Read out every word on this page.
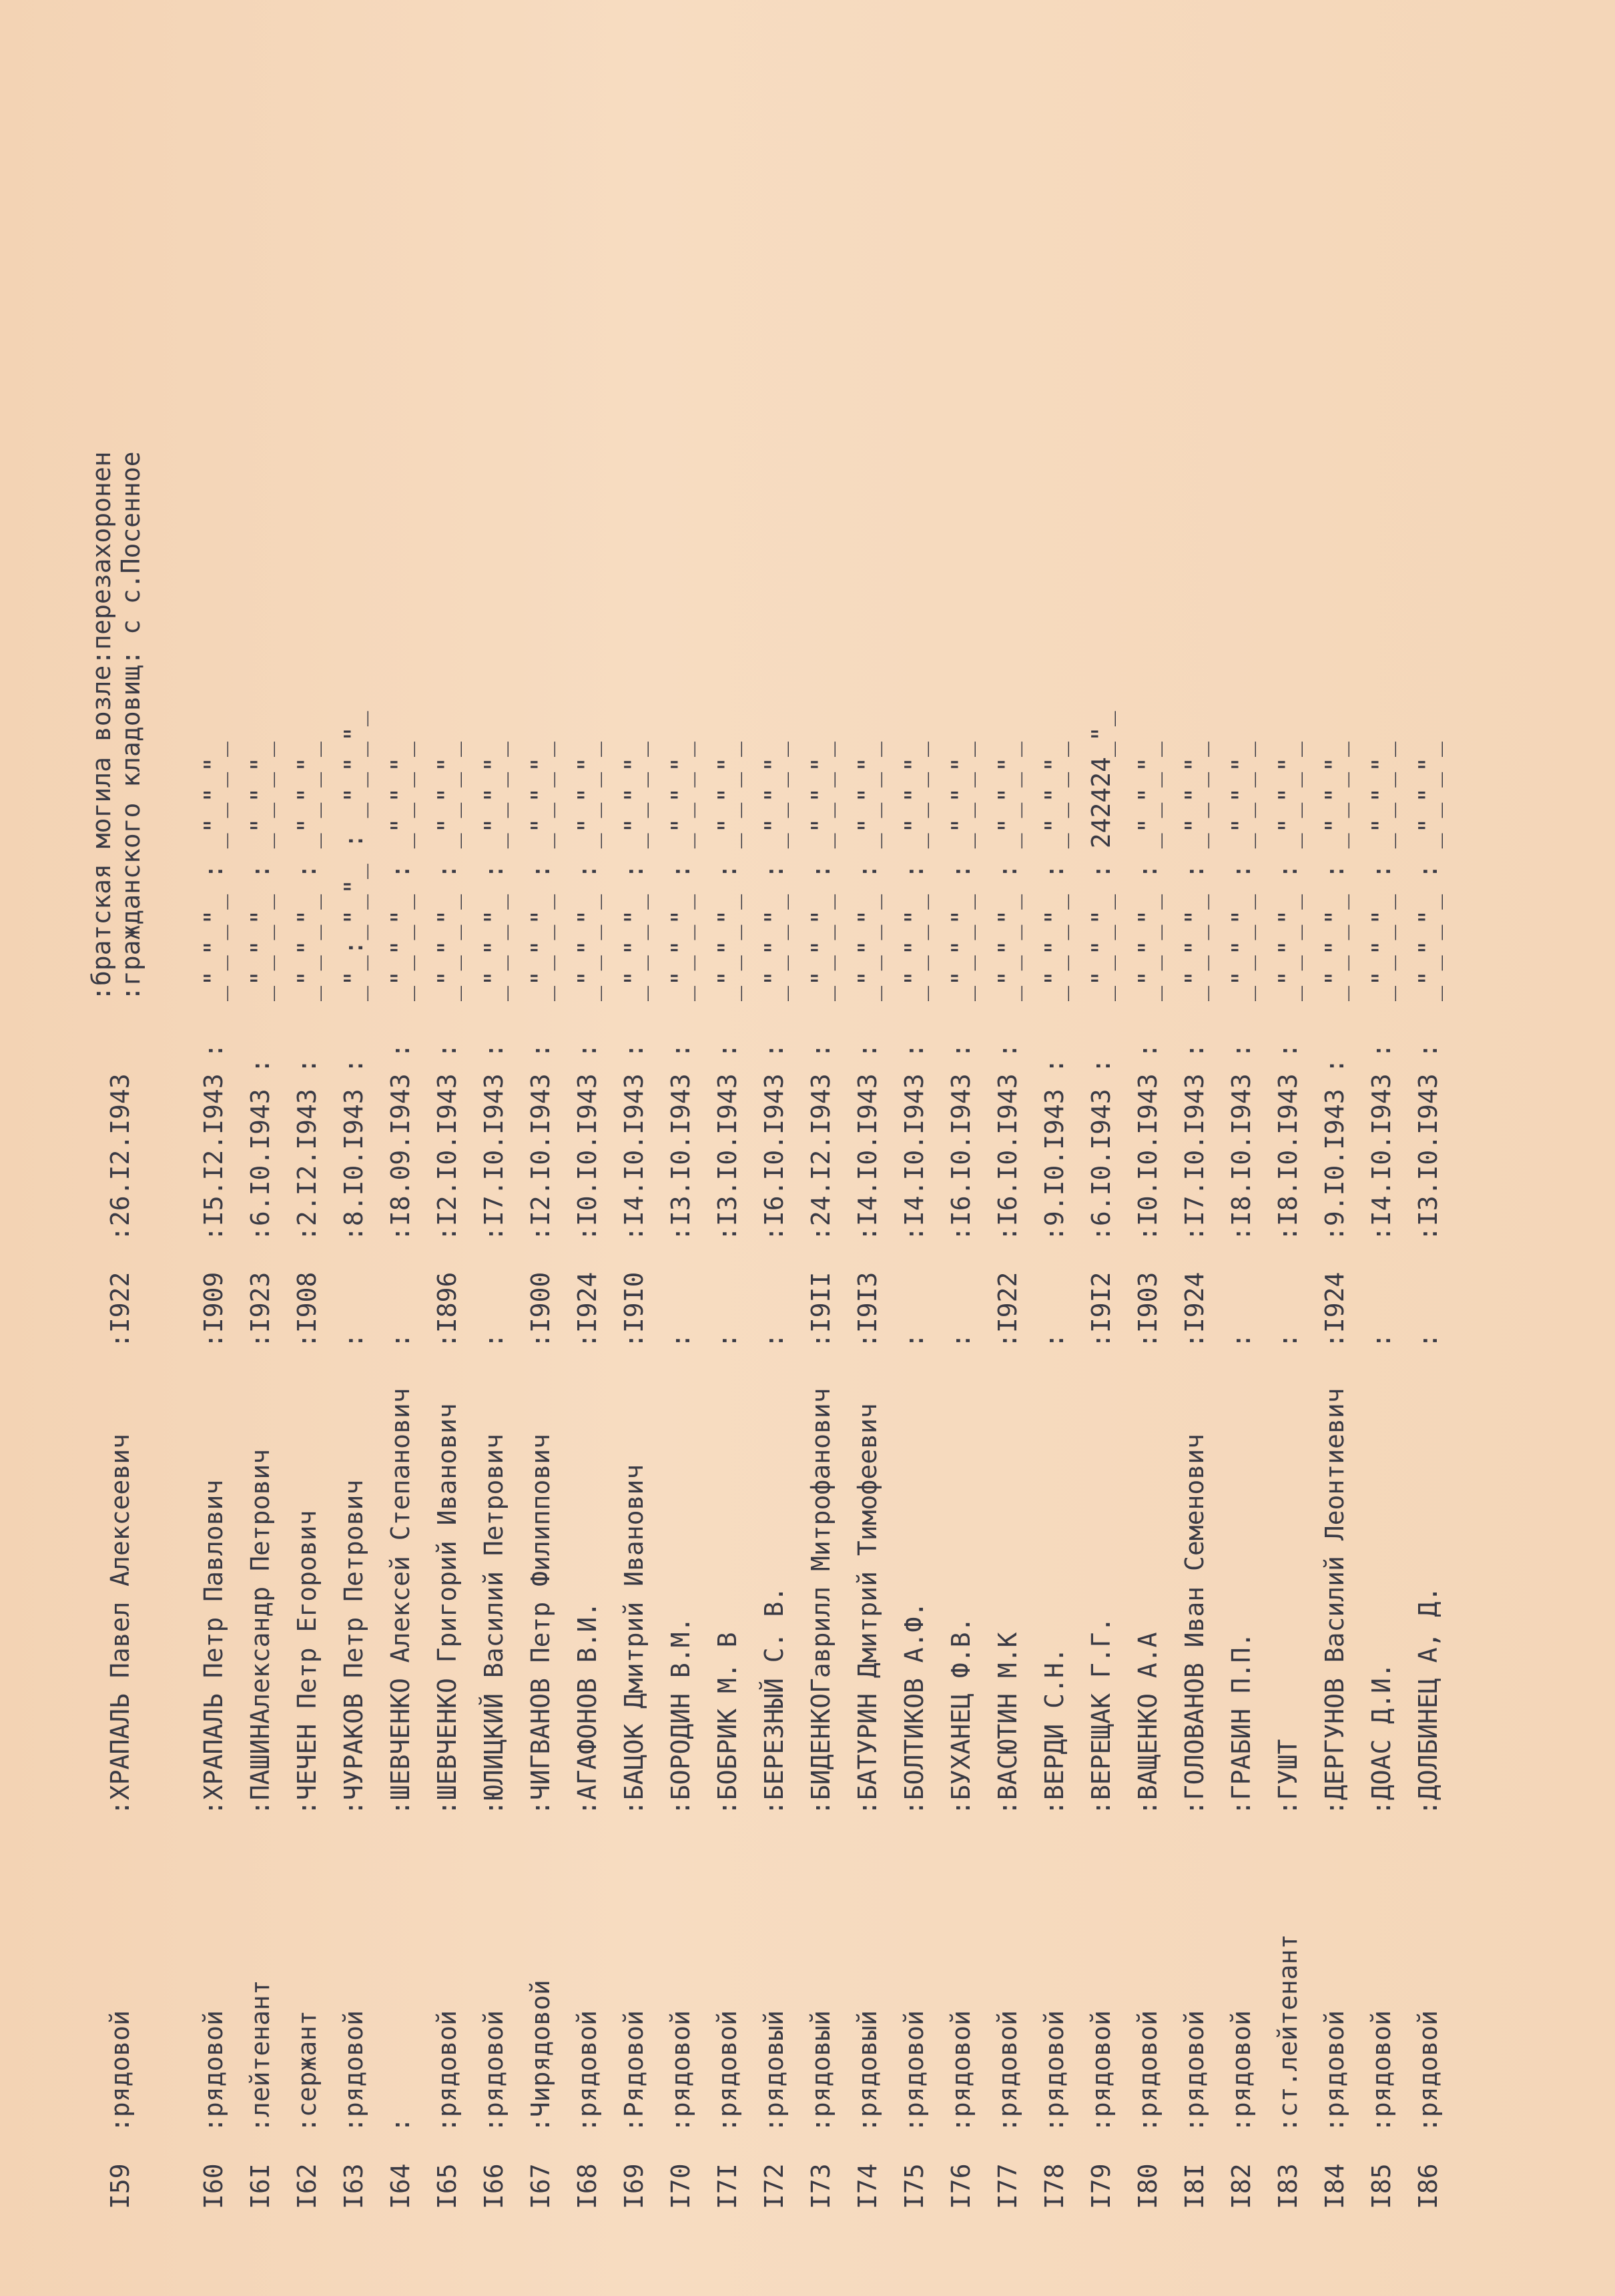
:братская могила возле:перезахоронен :гражданского кладовищ: с с.Посенное
I59
:рядовой
:ХРАПАЛЬ Павел Алексеевич
:I922
:26.I2.I943
I60
:рядовой
:ХРАПАЛЬ Петр Павлович
:I909
:I5.I2.I943 :
_"_"_"_ : _"_"_"_
I6I
:лейтенант
:ПАШИНАлександр Петрович
:I923
:6.I0.I943 :
_"_"_"_ : _"_"_"_
I62
:сержант
:ЧЕЧЕН Петр Егорович
:I908
:2.I2.I943 :
_"_"_"_ : _"_"_"_
I63
:рядовой
:ЧУРАКОВ Петр Петрович
:
:8.I0.I943 :
_"_:_"_"_ : _"_"_"_
I64
:
:ШЕВЧЕНКО Алексей Степанович
:
:I8.09.I943 :
_"_"_"_ : _"_"_"_
I65
:рядовой
:ШЕВЧЕНКО Григорий Иванович
:I896
:I2.I0.I943 :
_"_"_"_ : _"_"_"_
I66
:рядовой
:ЮЛИЦКИЙ Василий Петрович
:
:I7.I0.I943 :
_"_"_"_ : _"_"_"_
I67
:Чирядовой
:ЧИГВАНОВ Петр Филиппович
:I900
:I2.I0.I943 :
_"_"_"_ : _"_"_"_
I68
:рядовой
:АГАФОНОВ В.И.
:I924
:I0.I0.I943 :
_"_"_"_ : _"_"_"_
I69
:Рядовой
:БАЦОК Дмитрий Иванович
:I9I0
:I4.I0.I943 :
_"_"_"_ : _"_"_"_
I70
:рядовой
:БОРОДИН В.М.
:
:I3.I0.I943 :
_"_"_"_ : _"_"_"_
I7I
:рядовой
:БОБРИК М. В
:
:I3.I0.I943 :
_"_"_"_ : _"_"_"_
I72
:рядовый
:БЕРЕЗНЫЙ С. В.
:
:I6.I0.I943 :
_"_"_"_ : _"_"_"_
I73
:рядовый
:БИДЕНКОГаврилл Митрофанович
:I9II
:24.I2.I943 :
_"_"_"_ : _"_"_"_
I74
:рядовый
:БАТУРИН Дмитрий Тимофеевич
:I9I3
:I4.I0.I943 :
_"_"_"_ : _"_"_"_
I75
:рядовой
:БОЛТИКОВ А.Ф.
:
:I4.I0.I943 :
_"_"_"_ : _"_"_"_
I76
:рядовой
:БУХАНЕЦ Ф.В.
:
:I6.I0.I943 :
_"_"_"_ : _"_"_"_
I77
:рядовой
:ВАСЮТИН М.К
:I922
:I6.I0.I943 :
_"_"_"_ : _"_"_"_
I78
:рядовой
:ВЕРДИ С.Н.
:
:9.I0.I943 :
_"_"_"_ : _"_"_"_
I79
:рядовой
:ВЕРЕЩАК Г.Г.
:I9I2
:6.I0.I943 :
_"_"_"_ : 242424_"_
I80
:рядовой
:ВАЩЕНКО А.А
:I903
:I0.I0.I943 :
_"_"_"_ : _"_"_"_
I8I
:рядовой
:ГОЛОВАНОВ Иван Семенович
:I924
:I7.I0.I943 :
_"_"_"_ : _"_"_"_
I82
:рядовой
:ГРАБИН П.П.
:
:I8.I0.I943 :
_"_"_"_ : _"_"_"_
I83
:ст.лейтенант
:ГУШТ
:
:I8.I0.I943 :
_"_"_"_ : _"_"_"_
I84
:рядовой
:ДЕРГУНОВ Василий Леонтиевич
:I924
:9.I0.I943 :
_"_"_"_ : _"_"_"_
I85
:рядовой
:ДОАС Д.И.
:
:I4.I0.I943 :
_"_"_"_ : _"_"_"_
I86
:рядовой
:ДОЛБИНЕЦ А, Д.
:
:I3.I0.I943 :
_"_"_"_ : _"_"_"_
